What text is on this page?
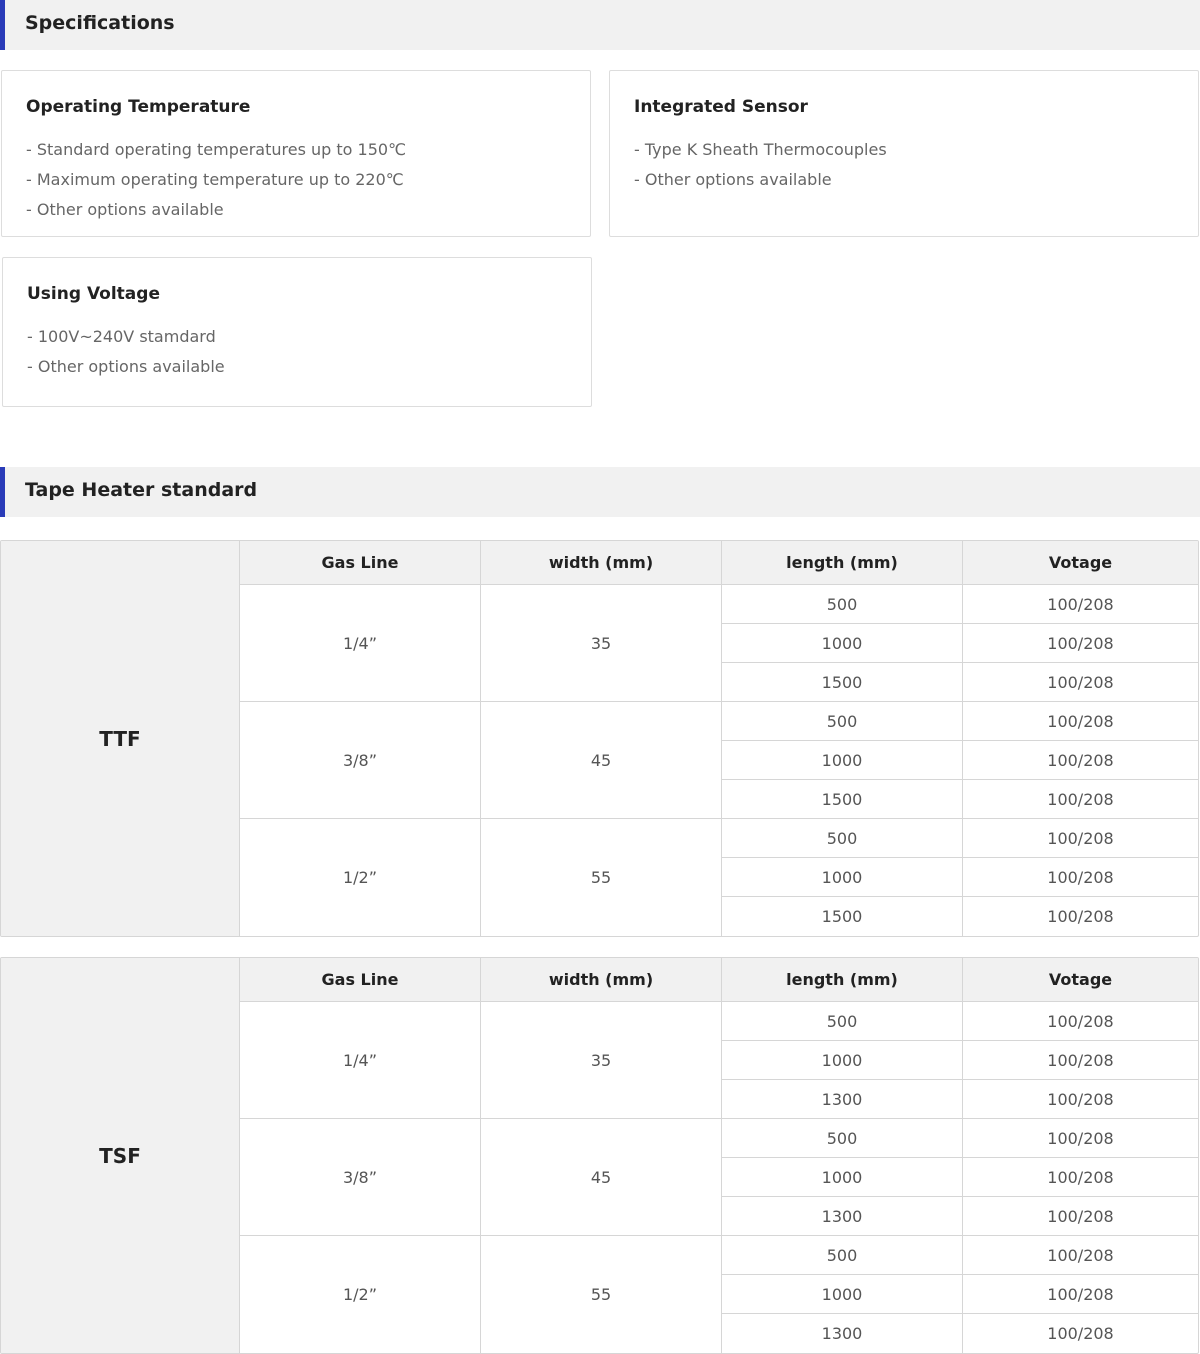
Specifications
Operating Temperature
- Standard operating temperatures up to 150℃
- Maximum operating temperature up to 220℃
- Other options available
Integrated Sensor
- Type K Sheath Thermocouples
- Other options available
Using Voltage
- 100V~240V stamdard
- Other options available
Tape Heater standard
TTF
Gas Line	width (mm)	length (mm)	Votage
1/4”	35
500	100/208
1000	100/208
1500	100/208
3/8”	45
500	100/208
1000	100/208
1500	100/208
1/2”	55
500	100/208
1000	100/208
1500	100/208
TSF
Gas Line	width (mm)	length (mm)	Votage
1/4”	35
500	100/208
1000	100/208
1300	100/208
3/8”	45
500	100/208
1000	100/208
1300	100/208
1/2”	55
500	100/208
1000	100/208
1300	100/208
